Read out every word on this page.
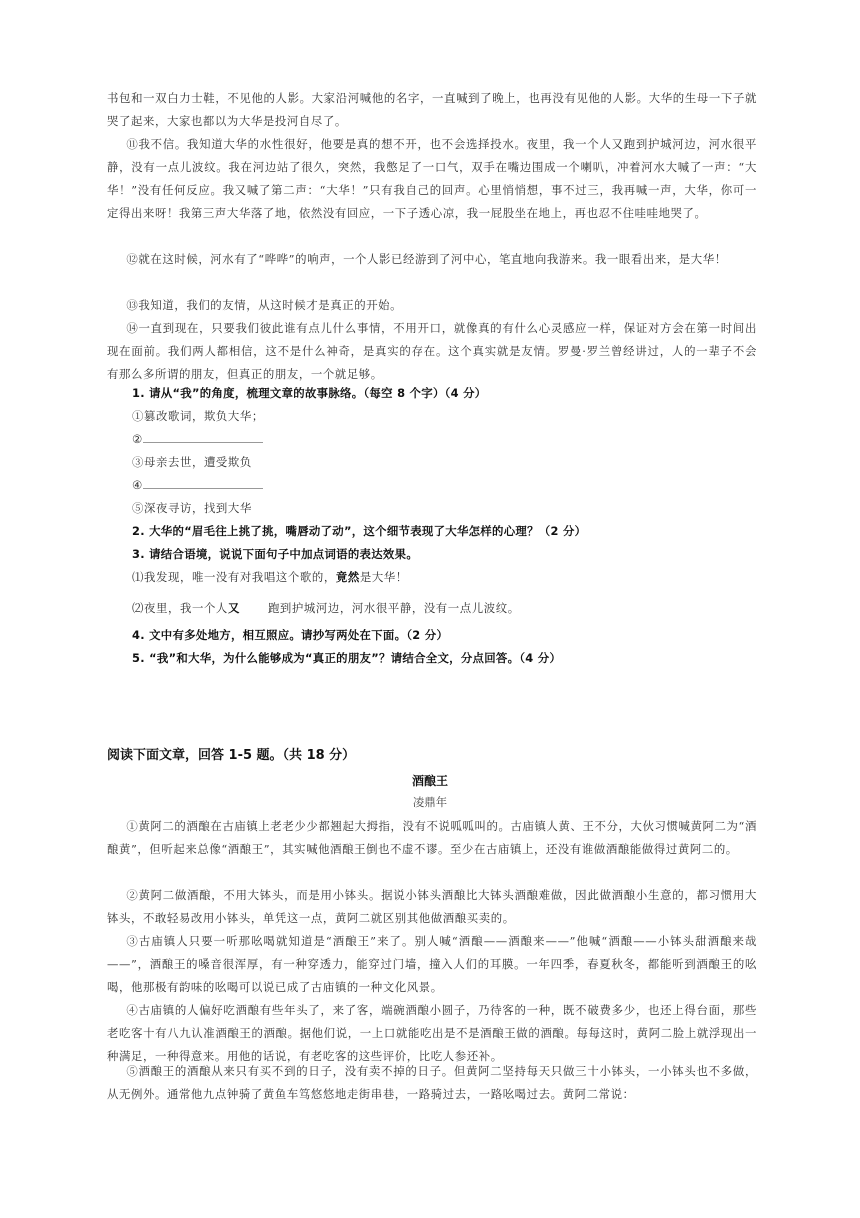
书包和一双白力士鞋，不见他的人影。大家沿河喊他的名字，一直喊到了晚上，也再没有见他的人影。大华的生母一下子就哭了起来，大家也都以为大华是投河自尽了。
⑪我不信。我知道大华的水性很好，他要是真的想不开，也不会选择投水。夜里，我一个人又跑到护城河边，河水很平静，没有一点儿波纹。我在河边站了很久，突然，我憋足了一口气，双手在嘴边围成一个喇叭，冲着河水大喊了一声：“大华！”没有任何反应。我又喊了第二声：“大华！”只有我自己的回声。心里悄悄想，事不过三，我再喊一声，大华，你可一定得出来呀！我第三声大华落了地，依然没有回应，一下子透心凉，我一屁股坐在地上，再也忍不住哇哇地哭了。
⑫就在这时候，河水有了“哗哗”的响声，一个人影已经游到了河中心，笔直地向我游来。我一眼看出来，是大华！
⑬我知道，我们的友情，从这时候才是真正的开始。
⑭一直到现在，只要我们彼此谁有点儿什么事情，不用开口，就像真的有什么心灵感应一样，保证对方会在第一时间出现在面前。我们两人都相信，这不是什么神奇，是真实的存在。这个真实就是友情。罗曼·罗兰曾经讲过，人的一辈子不会有那么多所谓的朋友，但真正的朋友，一个就足够。
1. 请从“我”的角度，梳理文章的故事脉络。（每空 8 个字）（4 分）
①篡改歌词，欺负大华；
②
③母亲去世，遭受欺负
④
⑤深夜寻访，找到大华
2. 大华的“眉毛往上挑了挑，嘴唇动了动”，这个细节表现了大华怎样的心理？（2 分）
3. 请结合语境，说说下面句子中加点词语的表达效果。
⑴我发现，唯一没有对我唱这个歌的，竟然是大华！
⑵夜里，我一个人又 跑到护城河边，河水很平静，没有一点儿波纹。
4. 文中有多处地方，相互照应。请抄写两处在下面。（2 分）
5. “我”和大华，为什么能够成为“真正的朋友”？请结合全文，分点回答。（4 分）
阅读下面文章，回答 1-5 题。（共 18 分）
酒酿王
凌鼎年
①黄阿二的酒酿在古庙镇上老老少少都翘起大拇指，没有不说呱呱叫的。古庙镇人黄、王不分，大伙习惯喊黄阿二为“酒酿黄”，但听起来总像“酒酿王”，其实喊他酒酿王倒也不虚不谬。至少在古庙镇上，还没有谁做酒酿能做得过黄阿二的。
②黄阿二做酒酿，不用大钵头，而是用小钵头。据说小钵头酒酿比大钵头酒酿难做，因此做酒酿小生意的，都习惯用大钵头，不敢轻易改用小钵头，单凭这一点，黄阿二就区别其他做酒酿买卖的。
③古庙镇人只要一听那吆喝就知道是“酒酿王”来了。别人喊“酒酿——酒酿来——”他喊“酒酿——小钵头甜酒酿来哉——”，酒酿王的嗓音很浑厚，有一种穿透力，能穿过门墙，撞入人们的耳膜。一年四季，春夏秋冬，都能听到酒酿王的吆喝，他那极有韵味的吆喝可以说已成了古庙镇的一种文化风景。
④古庙镇的人偏好吃酒酿有些年头了，来了客，端碗酒酿小圆子，乃待客的一种，既不破费多少，也还上得台面，那些老吃客十有八九认准酒酿王的酒酿。据他们说，一上口就能吃出是不是酒酿王做的酒酿。每每这时，黄阿二脸上就浮现出一种满足，一种得意来。用他的话说，有老吃客的这些评价，比吃人参还补。
⑤酒酿王的酒酿从来只有买不到的日子，没有卖不掉的日子。但黄阿二坚持每天只做三十小钵头，一小钵头也不多做，从无例外。通常他九点钟骑了黄鱼车笃悠悠地走街串巷，一路骑过去，一路吆喝过去。黄阿二常说：
